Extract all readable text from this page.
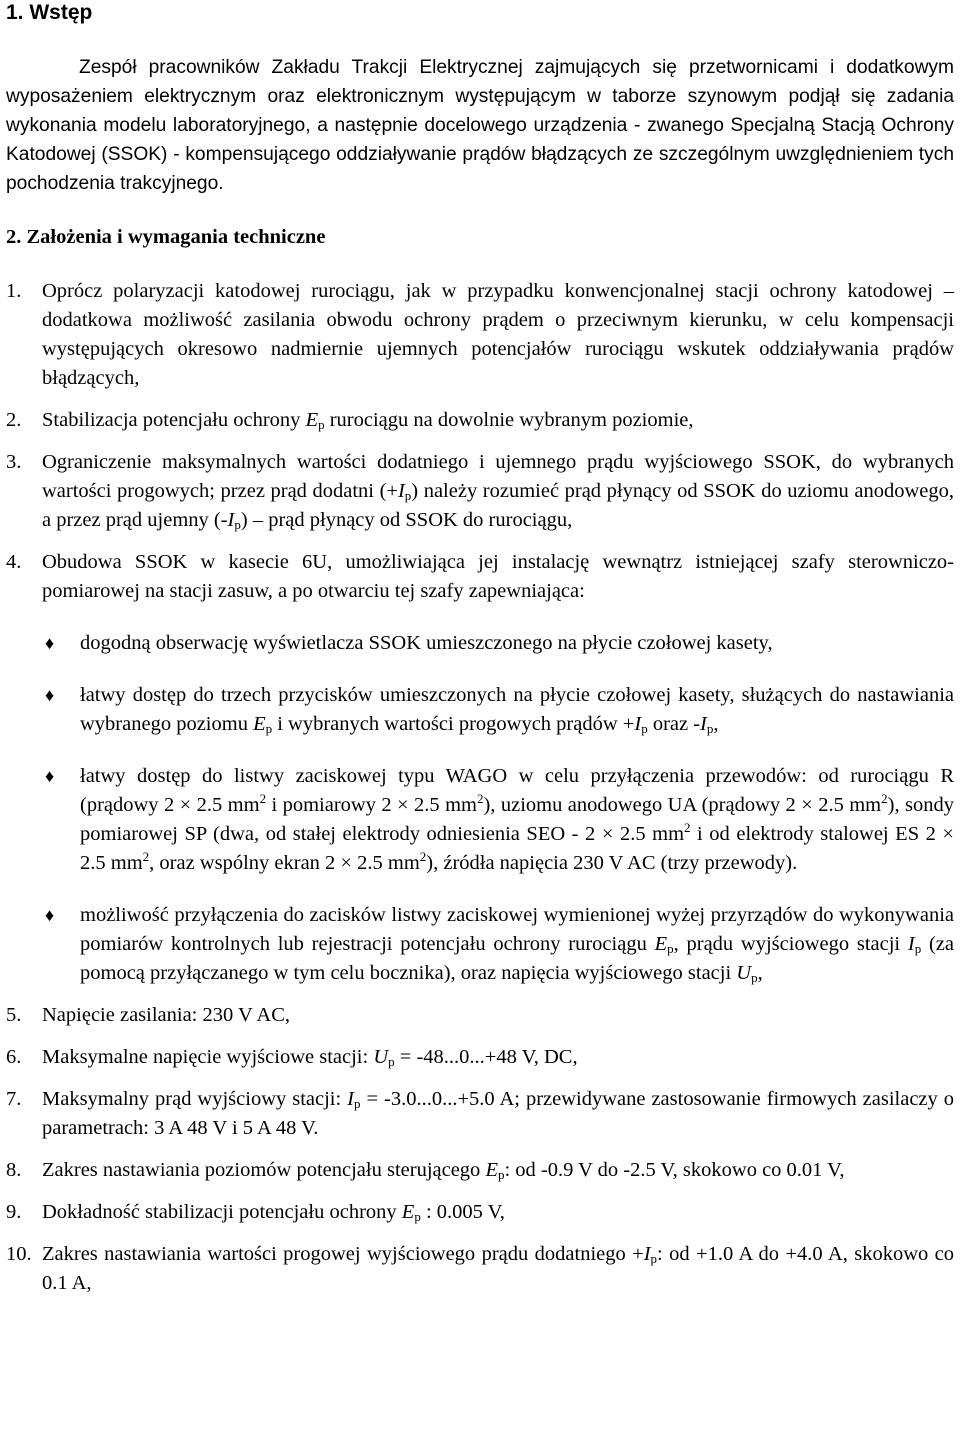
1. Wstęp

Zespół pracowników Zakładu Trakcji Elektrycznej zajmujących się przetwornicami i dodatkowym wyposażeniem elektrycznym oraz elektronicznym występującym w taborze szynowym podjął się zadania wykonania modelu laboratoryjnego, a następnie docelowego urządzenia - zwanego Specjalną Stacją Ochrony Katodowej (SSOK) - kompensującego oddziaływanie prądów błądzących ze szczególnym uwzględnieniem tych pochodzenia trakcyjnego.

2. Założenia i wymagania techniczne
1. Oprócz polaryzacji katodowej rurociągu, jak w przypadku konwencjonalnej stacji ochrony katodowej – dodatkowa możliwość zasilania obwodu ochrony prądem o przeciwnym kierunku, w celu kompensacji występujących okresowo nadmiernie ujemnych potencjałów rurociągu wskutek oddziaływania prądów błądzących,
2. Stabilizacja potencjału ochrony $E_p$ rurociągu na dowolnie wybranym poziomie,
3. Ograniczenie maksymalnych wartości dodatniego i ujemnego prądu wyjściowego SSOK, do wybranych wartości progowych; przez prąd dodatni $(+I_p)$ należy rozumieć prąd płynący od SSOK do uziomu anodowego, a przez prąd ujemny $(-I_p)$ – prąd płynący od SSOK do rurociągu,
4. Obudowa SSOK w kasecie 6U, umożliwiająca jej instalację wewnątrz istniejącej szafy sterowniczo-pomiarowej na stacji zasuw, a po otwarciu tej szafy zapewniająca:
♦ dogodną obserwację wyświetlacza SSOK umieszczonego na płycie czołowej kasety,
♦ łatwy dostęp do trzech przycisków umieszczonych na płycie czołowej kasety, służących do nastawiania wybranego poziomu $E_p$ i wybranych wartości progowych prądów $+I_p$ oraz $-I_p$,
♦ łatwy dostęp do listwy zaciskowej typu WAGO w celu przyłączenia przewodów: od rurociągu R (prądowy 2 × 2.5 $mm^2$ i pomiarowy 2 × 2.5 $mm^2$), uziomu anodowego UA (prądowy 2 × 2.5 $mm^2$), sondy pomiarowej SP (dwa, od stałej elektrody odniesienia SEO - 2 × 2.5 $mm^2$ i od elektrody stalowej ES 2 × 2.5 $mm^2$, oraz wspólny ekran 2 × 2.5 $mm^2$), źródła napięcia 230 V AC (trzy przewody).
♦ możliwość przyłączenia do zacisków listwy zaciskowej wymienionej wyżej przyrządów do wykonywania pomiarów kontrolnych lub rejestracji potencjału ochrony rurociągu $E_p$, prądu wyjściowego stacji $I_p$ (za pomocą przyłączanego w tym celu bocznika), oraz napięcia wyjściowego stacji $U_p$,
5. Napięcie zasilania: 230 V AC,
6. Maksymalne napięcie wyjściowe stacji: $U_p = -48...0...+48$ V, DC,
7. Maksymalny prąd wyjściowy stacji: $I_p = -3.0...0...+5.0$ A; przewidywane zastosowanie firmowych zasilaczy o parametrach: 3 A 48 V i 5 A 48 V.
8. Zakres nastawiania poziomów potencjału sterującego $E_p$: od -0.9 V do -2.5 V, skokowo co 0.01 V,
9. Dokładność stabilizacji potencjału ochrony $E_p$ : 0.005 V,
10. Zakres nastawiania wartości progowej wyjściowego prądu dodatniego $+I_p$: od +1.0 A do +4.0 A, skokowo co 0.1 A,
